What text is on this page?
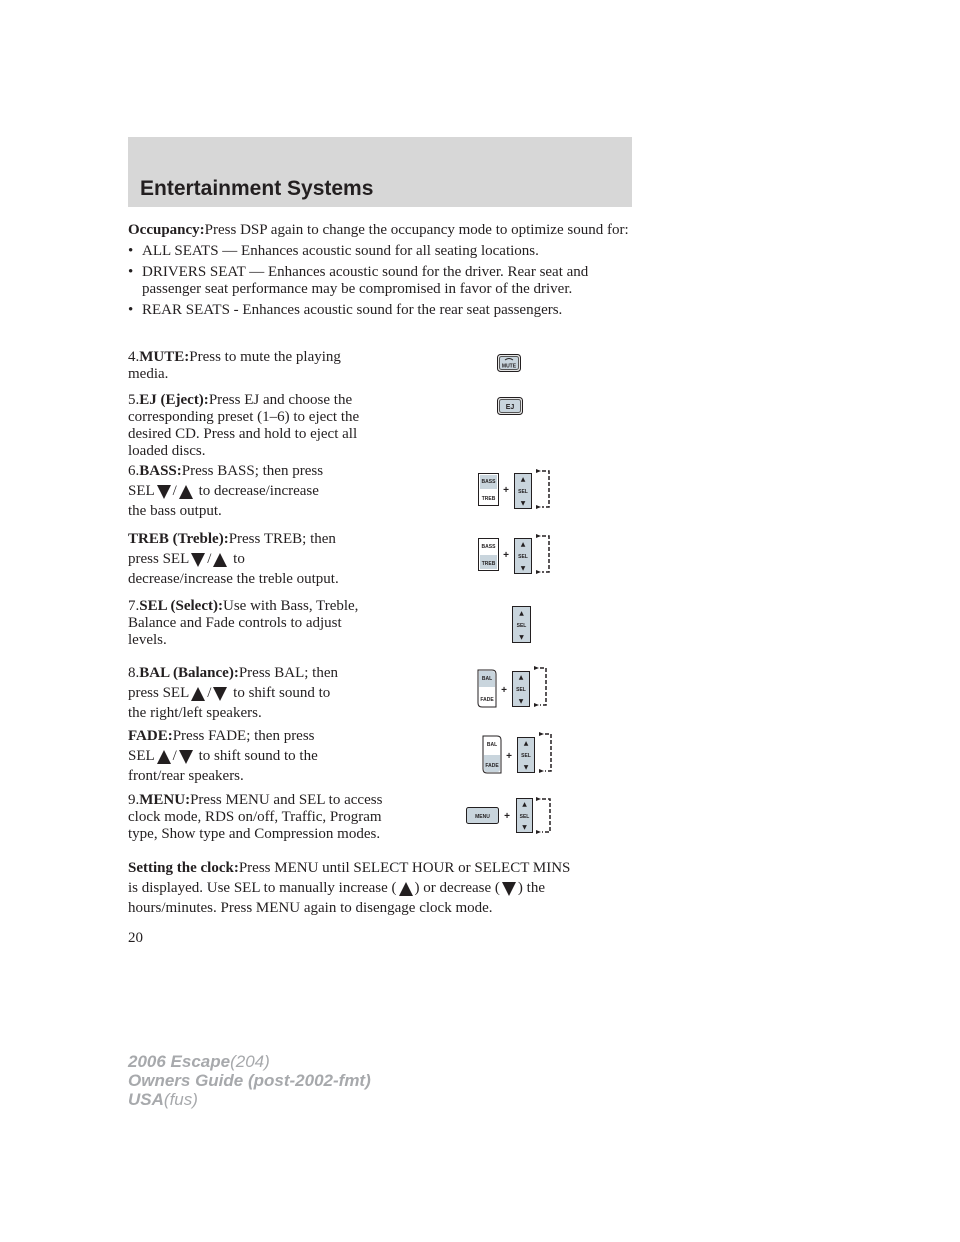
Entertainment Systems

Occupancy:Press DSP again to change the occupancy mode to optimize sound for:

• ALL SEATS — Enhances acoustic sound for all seating locations.
• DRIVERS SEAT — Enhances acoustic sound for the driver. Rear seat and passenger seat performance may be compromised in favor of the driver.
• REAR SEATS - Enhances acoustic sound for the rear seat passengers.
4.MUTE:Press to mute the playing media.	MUTE
5.EJ (Eject):Press EJ and choose the corresponding preset (1–6) to eject the desired CD. Press and hold to eject all loaded discs.
EJ
6.BASS:Press BASS; then press
SEL / to decrease/increase
the bass output.
BASS
TREB
+
▲
SEL
▼
TREB (Treble):Press TREB; then
press SEL / to
decrease/increase the treble output.
BASS
TREB
+
▲
SEL
▼
7.SEL (Select):Use with Bass, Treble, Balance and Fade controls to adjust levels.
▲
SEL
▼
8.BAL (Balance):Press BAL; then
press SEL / to shift sound to
the right/left speakers.
BAL
FADE
+
▲
SEL
▼
FADE:Press FADE; then press
SEL / to shift sound to the
front/rear speakers.
BAL
FADE
+
▲
SEL
▼
9.MENU:Press MENU and SEL to access clock mode, RDS on/off, Traffic, Program type, Show type and Compression modes.
MENU +
▲
SEL
▼
Setting the clock:Press MENU until SELECT HOUR or SELECT MINS
is displayed. Use SEL to manually increase ( ) or decrease ( ) the
hours/minutes. Press MENU again to disengage clock mode.
20
2006 Escape(204)
Owners Guide (post-2002-fmt)
USA(fus)
